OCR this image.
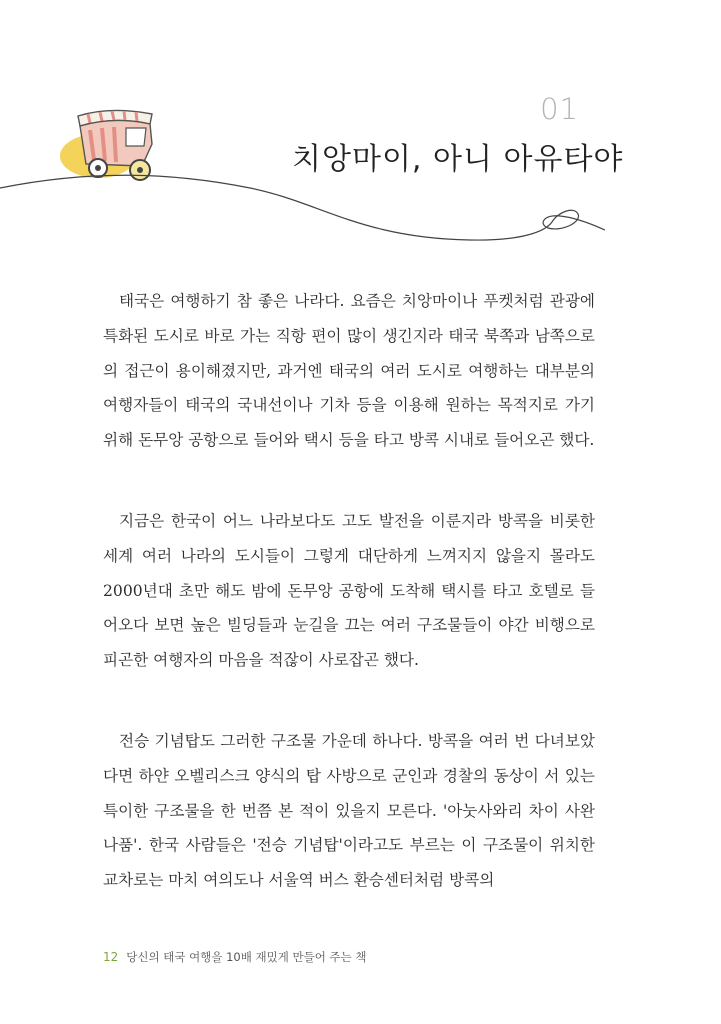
01
치앙마이, 아니 아유타야

태국은 여행하기 참 좋은 나라다. 요즘은 치앙마이나 푸켓처럼 관광에 특화된 도시로 바로 가는 직항 편이 많이 생긴지라 태국 북쪽과 남쪽으로의 접근이 용이해졌지만, 과거엔 태국의 여러 도시로 여행하는 대부분의 여행자들이 태국의 국내선이나 기차 등을 이용해 원하는 목적지로 가기 위해 돈무앙 공항으로 들어와 택시 등을 타고 방콕 시내로 들어오곤 했다.

지금은 한국이 어느 나라보다도 고도 발전을 이룬지라 방콕을 비롯한 세계 여러 나라의 도시들이 그렇게 대단하게 느껴지지 않을지 몰라도 2000년대 초만 해도 밤에 돈무앙 공항에 도착해 택시를 타고 호텔로 들어오다 보면 높은 빌딩들과 눈길을 끄는 여러 구조물들이 야간 비행으로 피곤한 여행자의 마음을 적잖이 사로잡곤 했다.

전승 기념탑도 그러한 구조물 가운데 하나다. 방콕을 여러 번 다녀보았다면 하얀 오벨리스크 양식의 탑 사방으로 군인과 경찰의 동상이 서 있는 특이한 구조물을 한 번쯤 본 적이 있을지 모른다. '아눗사와리 차이 사완나품'. 한국 사람들은 '전승 기념탑'이라고도 부르는 이 구조물이 위치한 교차로는 마치 여의도나 서울역 버스 환승센터처럼 방콕의

12 당신의 태국 여행을 10배 재밌게 만들어 주는 책
